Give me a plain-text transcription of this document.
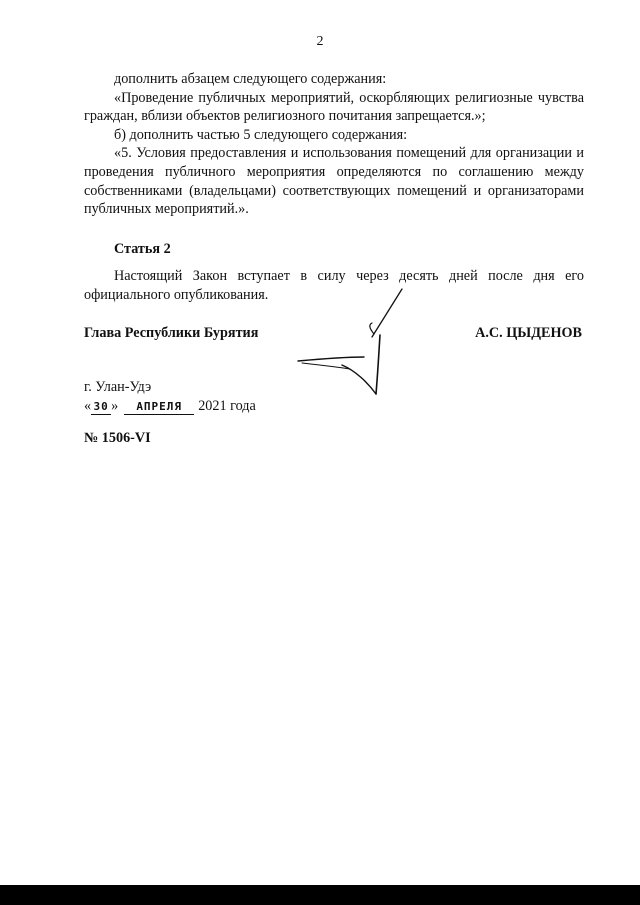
2

дополнить абзацем следующего содержания:

«Проведение публичных мероприятий, оскорбляющих религиозные чувства граждан, вблизи объектов религиозного почитания запрещается.»;

б) дополнить частью 5 следующего содержания:

«5. Условия предоставления и использования помещений для организации и проведения публичного мероприятия определяются по соглашению между собственниками (владельцами) соответствующих помещений и организаторами публичных мероприятий.».

Статья 2

Настоящий Закон вступает в силу через десять дней после дня его официального опубликования.

Глава Республики Бурятия	А.С. ЦЫДЕНОВ
г. Улан-Удэ
« 30 »	АПРЕЛЯ	2021 года
№ 1506-VI
